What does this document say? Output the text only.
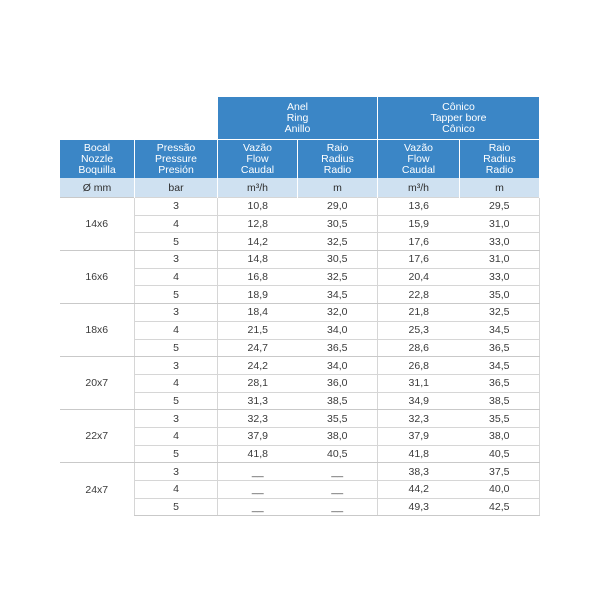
		Anel
Ring
Anillo		Cônico
Tapper bore
Cônico	

Bocal
Nozzle
Boquilla	Pressão
Pressure
Presión	Vazão
Flow
Caudal	Raio
Radius
Radio	Vazão
Flow
Caudal	Raio
Radius
Radio

Ø mm	bar	m³/h	m	m³/h	m
14x6	3	10,8	29,0	13,6	29,5
	4	12,8	30,5	15,9	31,0
	5	14,2	32,5	17,6	33,0
16x6	3	14,8	30,5	17,6	31,0
	4	16,8	32,5	20,4	33,0
	5	18,9	34,5	22,8	35,0
18x6	3	18,4	32,0	21,8	32,5
	4	21,5	34,0	25,3	34,5
	5	24,7	36,5	28,6	36,5
20x7	3	24,2	34,0	26,8	34,5
	4	28,1	36,0	31,1	36,5
	5	31,3	38,5	34,9	38,5
22x7	3	32,3	35,5	32,3	35,5
	4	37,9	38,0	37,9	38,0
	5	41,8	40,5	41,8	40,5
24x7	3	__	__	38,3	37,5
	4	__	__	44,2	40,0
	5	__	__	49,3	42,5
